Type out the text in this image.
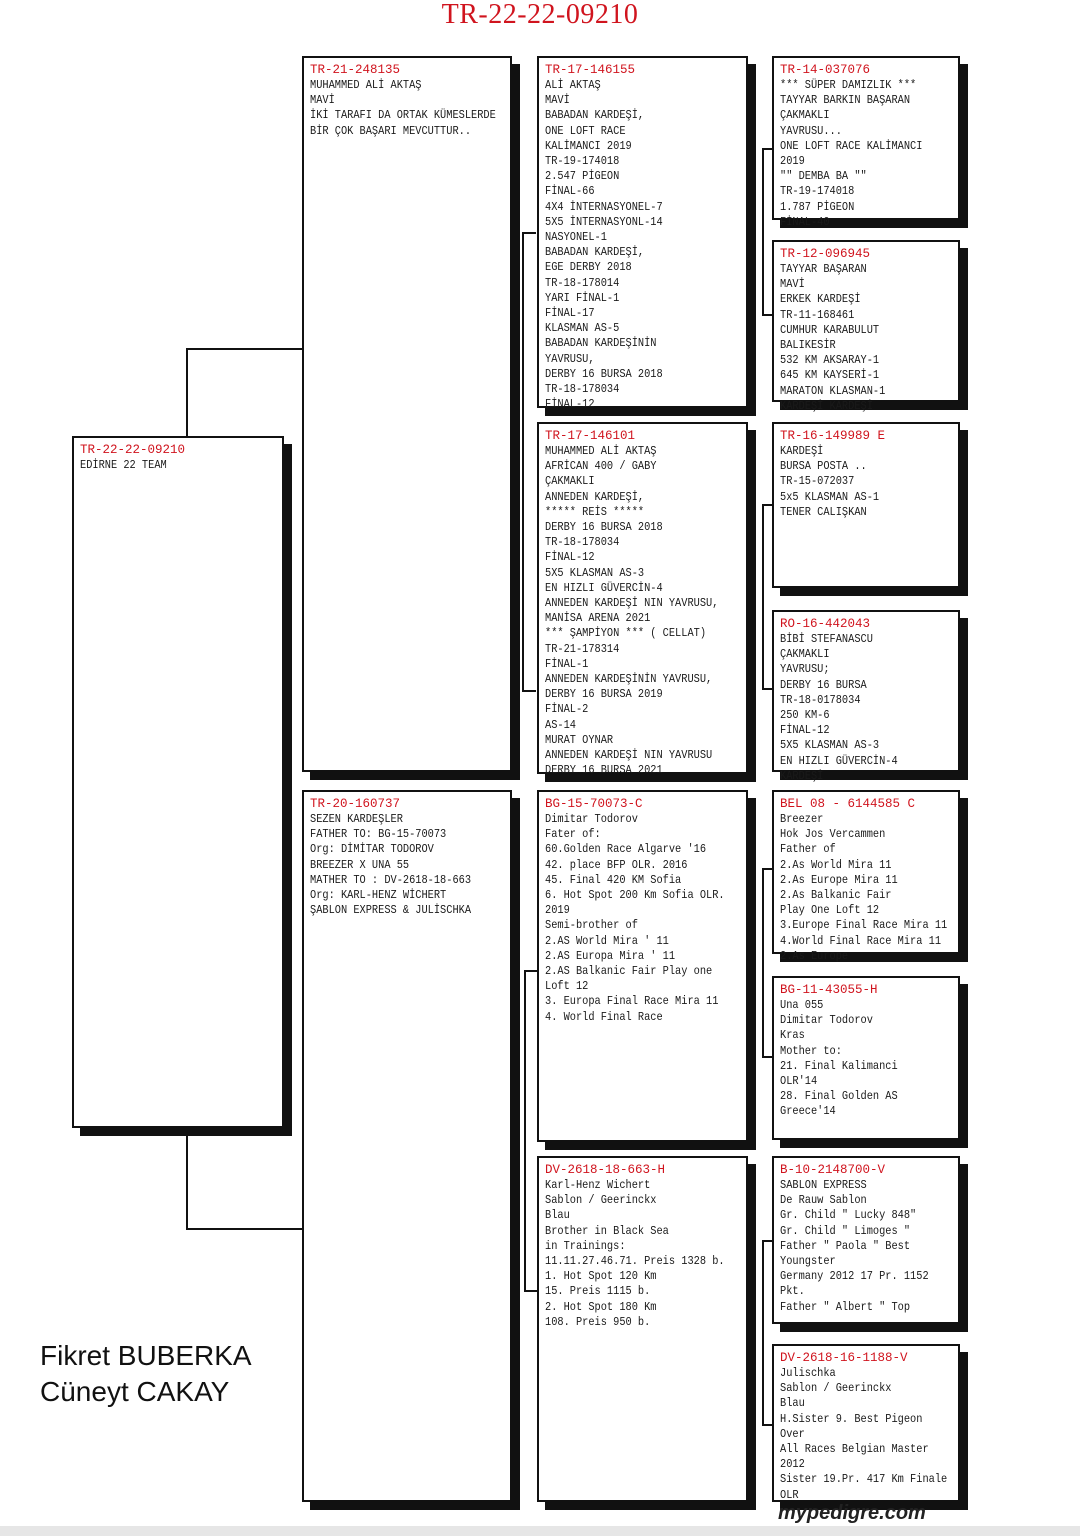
TR-22-22-09210
TR-22-22-09210
EDİRNE 22 TEAM
TR-21-248135
MUHAMMED ALİ AKTAŞ
MAVİ
İKİ TARAFI DA ORTAK KÜMESLERDE
BİR ÇOK BAŞARI MEVCUTTUR..
TR-20-160737
SEZEN KARDEŞLER
FATHER TO: BG-15-70073
Org: DİMİTAR TODOROV
BREEZER X UNA 55
MATHER TO : DV-2618-18-663
Org: KARL-HENZ WİCHERT
ŞABLON EXPRESS & JULİSCHKA
TR-17-146155
ALİ AKTAŞ
MAVİ
BABADAN KARDEŞİ,
ONE LOFT RACE
KALİMANCI 2019
TR-19-174018
2.547 PİGEON
FİNAL-66
4X4 İNTERNASYONEL-7
5X5 İNTERNASYONL-14
NASYONEL-1
BABADAN KARDEŞİ,
EGE DERBY 2018
TR-18-178014
YARI FİNAL-1
FİNAL-17
KLASMAN AS-5
BABADAN KARDEŞİNİN
YAVRUSU,
DERBY 16 BURSA 2018
TR-18-178034
FİNAL-12
TR-17-146101
MUHAMMED ALİ AKTAŞ
AFRİCAN 400 / GABY
ÇAKMAKLI
ANNEDEN KARDEŞİ,
***** REİS *****
DERBY 16 BURSA 2018
TR-18-178034
FİNAL-12
5X5 KLASMAN AS-3
EN HIZLI GÜVERCİN-4
ANNEDEN KARDEŞİ NIN YAVRUSU,
MANİSA ARENA 2021
*** ŞAMPİYON *** ( CELLAT)
TR-21-178314
FİNAL-1
ANNEDEN KARDEŞİNİN YAVRUSU,
DERBY 16 BURSA 2019
FİNAL-2
AS-14
MURAT OYNAR
ANNEDEN KARDEŞİ NIN YAVRUSU
DERBY 16 BURSA 2021
BG-15-70073-C
Dimitar Todorov
Fater of:
60.Golden Race Algarve '16
42. place BFP OLR. 2016
45. Final 420 KM Sofia
6. Hot Spot 200 Km Sofia OLR.
2019
Semi-brother of
2.AS World Mira ' 11
2.AS Europa Mira ' 11
2.AS Balkanic Fair Play one
Loft 12
3. Europa Final Race Mira 11
4. World Final Race
DV-2618-18-663-H
Karl-Henz Wichert
Sablon / Geerinckx
Blau
Brother in Black Sea
in Trainings:
11.11.27.46.71. Preis 1328 b.
1. Hot Spot 120 Km
15. Preis 1115 b.
2. Hot Spot 180 Km
108. Preis 950 b.
TR-14-037076
*** SÜPER DAMIZLIK ***
TAYYAR BARKIN BAŞARAN
ÇAKMAKLI
YAVRUSU...
ONE LOFT RACE KALİMANCI
2019
"" DEMBA BA ""
TR-19-174018
1.787 PİGEON
FİNAL-40
TR-12-096945
TAYYAR BAŞARAN
MAVİ
ERKEK KARDEŞİ
TR-11-168461
CUMHUR KARABULUT
BALIKESİR
532 KM AKSARAY-1
645 KM KAYSERİ-1
MARATON KLASMAN-1
KARDEŞİ KARDEŞİ
TR-16-149989 E
KARDEŞİ
BURSA POSTA ..
TR-15-072037
5x5 KLASMAN AS-1
TENER CALIŞKAN
RO-16-442043
BİBİ STEFANASCU
ÇAKMAKLI
YAVRUSU;
DERBY 16 BURSA
TR-18-0178034
250 KM-6
FİNAL-12
5X5 KLASMAN AS-3
EN HIZLI GÜVERCİN-4
KARDEŞİ
BEL 08 - 6144585 C
Breezer
Hok Jos Vercammen
Father of
2.As World Mira 11
2.As Europe Mira 11
2.As Balkanic Fair
Play One Loft 12
3.Europe Final Race Mira 11
4.World Final Race Mira 11
2.As Europe
BG-11-43055-H
Una 055
Dimitar Todorov
Kras
Mother to:
21. Final Kalimanci
OLR'14
28. Final Golden AS
Greece'14
B-10-2148700-V
SABLON EXPRESS
De Rauw Sablon
Gr. Child " Lucky 848"
Gr. Child " Limoges "
Father " Paola " Best
Youngster
Germany 2012 17 Pr. 1152
Pkt.
Father " Albert " Top
DV-2618-16-1188-V
Julischka
Sablon / Geerinckx
Blau
H.Sister 9. Best Pigeon
Over
All Races Belgian Master
2012
Sister 19.Pr. 417 Km Finale
OLR
Fikret BUBERKA
Cüneyt CAKAY
mypedigre.com
